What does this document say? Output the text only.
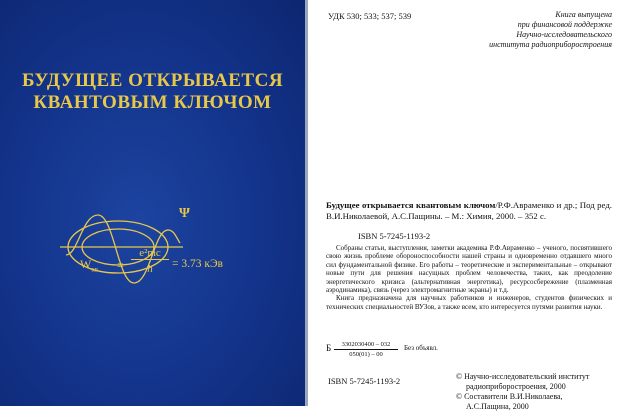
БУДУЩЕЕ ОТКРЫВАЕТСЯ
КВАНТОВЫМ КЛЮЧОМ
Ψ
$W_{кв}$ =
e²mc
ħ	= 3.73 кЭв
УДК 530; 533; 537; 539	Книга выпущена
при финансовой поддержке
Научно-исследовательского
института радиоприборостроения
Будущее открывается квантовым ключом/Р.Ф.Авраменко и др.; Под ред. В.И.Николаевой, А.С.Пащины. – М.: Химия, 2000. – 352 с.
ISBN 5-7245-1193-2

Собраны статьи, выступления, заметки академика Р.Ф.Авраменко – ученого, посвятившего свою жизнь проблеме обороноспособности нашей страны и одновременно отдавшего много сил фундаментальной физике. Его работы – теоретические и экспериментальные – открывают новые пути для решения насущных проблем человечества, таких, как преодоление энергетического кризиса (альтернативная энергетика), ресурсосбережение (плазменная аэродинамика), связь (через электромагнитные экраны) и т.д.

Книга предназначена для научных работников и инженеров, студентов физических и технических специальностей ВУЗов, а также всем, кто интересуется путями развития науки.

Б	3302030400 – 032
050(01) – 00
Без объявл.
ISBN 5-7245-1193-2	© Научно-исследовательский институт
радиоприборостроения, 2000
© Составители В.И.Николаева,
А.С.Пащина, 2000
